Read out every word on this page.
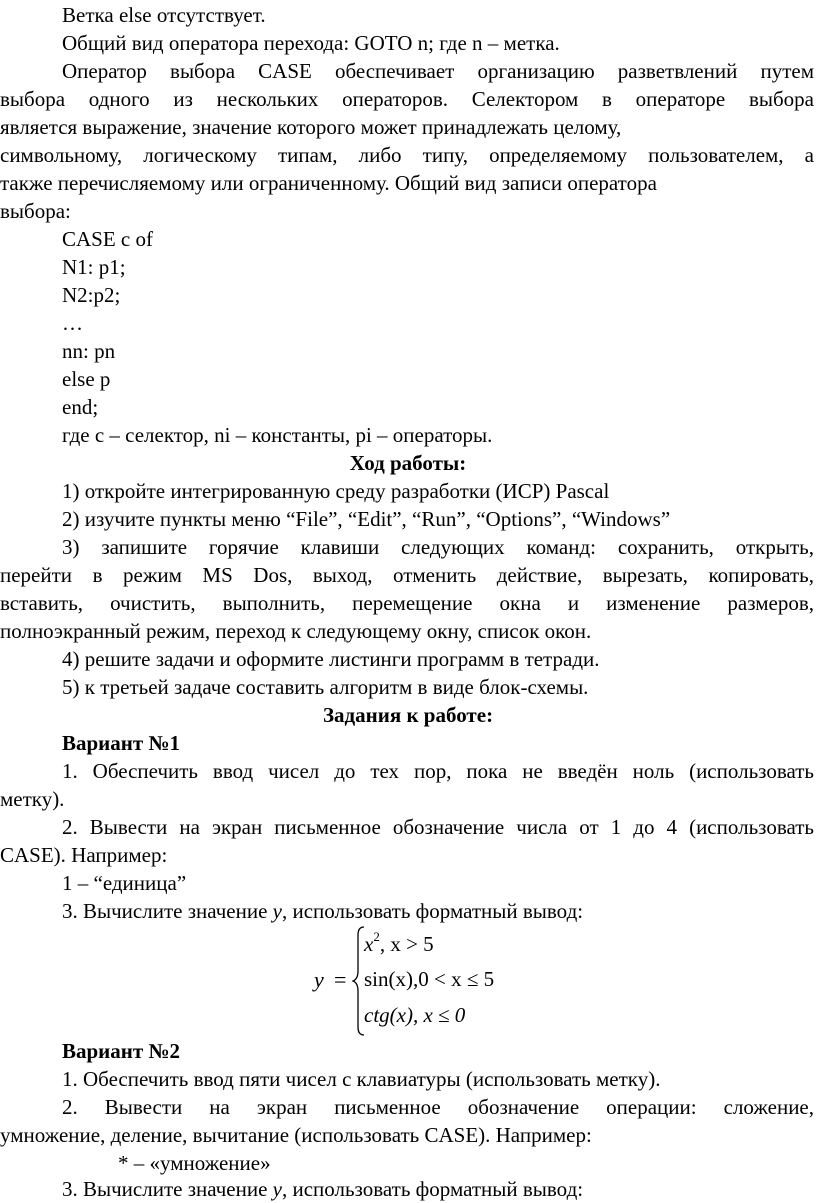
Ветка else отсутствует.
Общий вид оператора перехода: GOTO n; где n – метка.
Оператор выбора CASE обеспечивает организацию разветвлений путем
выбора одного из нескольких операторов. Селектором в операторе выбора
является выражение, значение которого может принадлежать целому,
символьному, логическому типам, либо типу, определяемому пользователем, а
также перечисляемому или ограниченному. Общий вид записи оператора
выбора:
CASE c of
N1: p1;
N2:p2;
…
nn: pn
else p
end;
где c – селектор, ni – константы, pi – операторы.
Ход работы:
1) откройте интегрированную среду разработки (ИСР) Pascal
2) изучите пункты меню “File”, “Edit”, “Run”, “Options”, “Windows”
3) запишите горячие клавиши следующих команд: сохранить, открыть,
перейти в режим MS Dos, выход, отменить действие, вырезать, копировать,
вставить, очистить, выполнить, перемещение окна и изменение размеров,
полноэкранный режим, переход к следующему окну, список окон.
4) решите задачи и оформите листинги программ в тетради.
5) к третьей задаче составить алгоритм в виде блок-схемы.
Задания к работе:
Вариант №1
1. Обеспечить ввод чисел до тех пор, пока не введён ноль (использовать
метку).
2. Вывести на экран письменное обозначение числа от 1 до 4 (использовать
CASE). Например:
1 – “единица”
3. Вычислите значение y, использовать форматный вывод:
y =
$x^2$, x > 5
sin(x),0 < x ≤ 5
ctg(x), x ≤ 0
Вариант №2
1. Обеспечить ввод пяти чисел с клавиатуры (использовать метку).
2. Вывести на экран письменное обозначение операции: сложение,
умножение, деление, вычитание (использовать CASE). Например:
* – «умножение»
3. Вычислите значение y, использовать форматный вывод:
